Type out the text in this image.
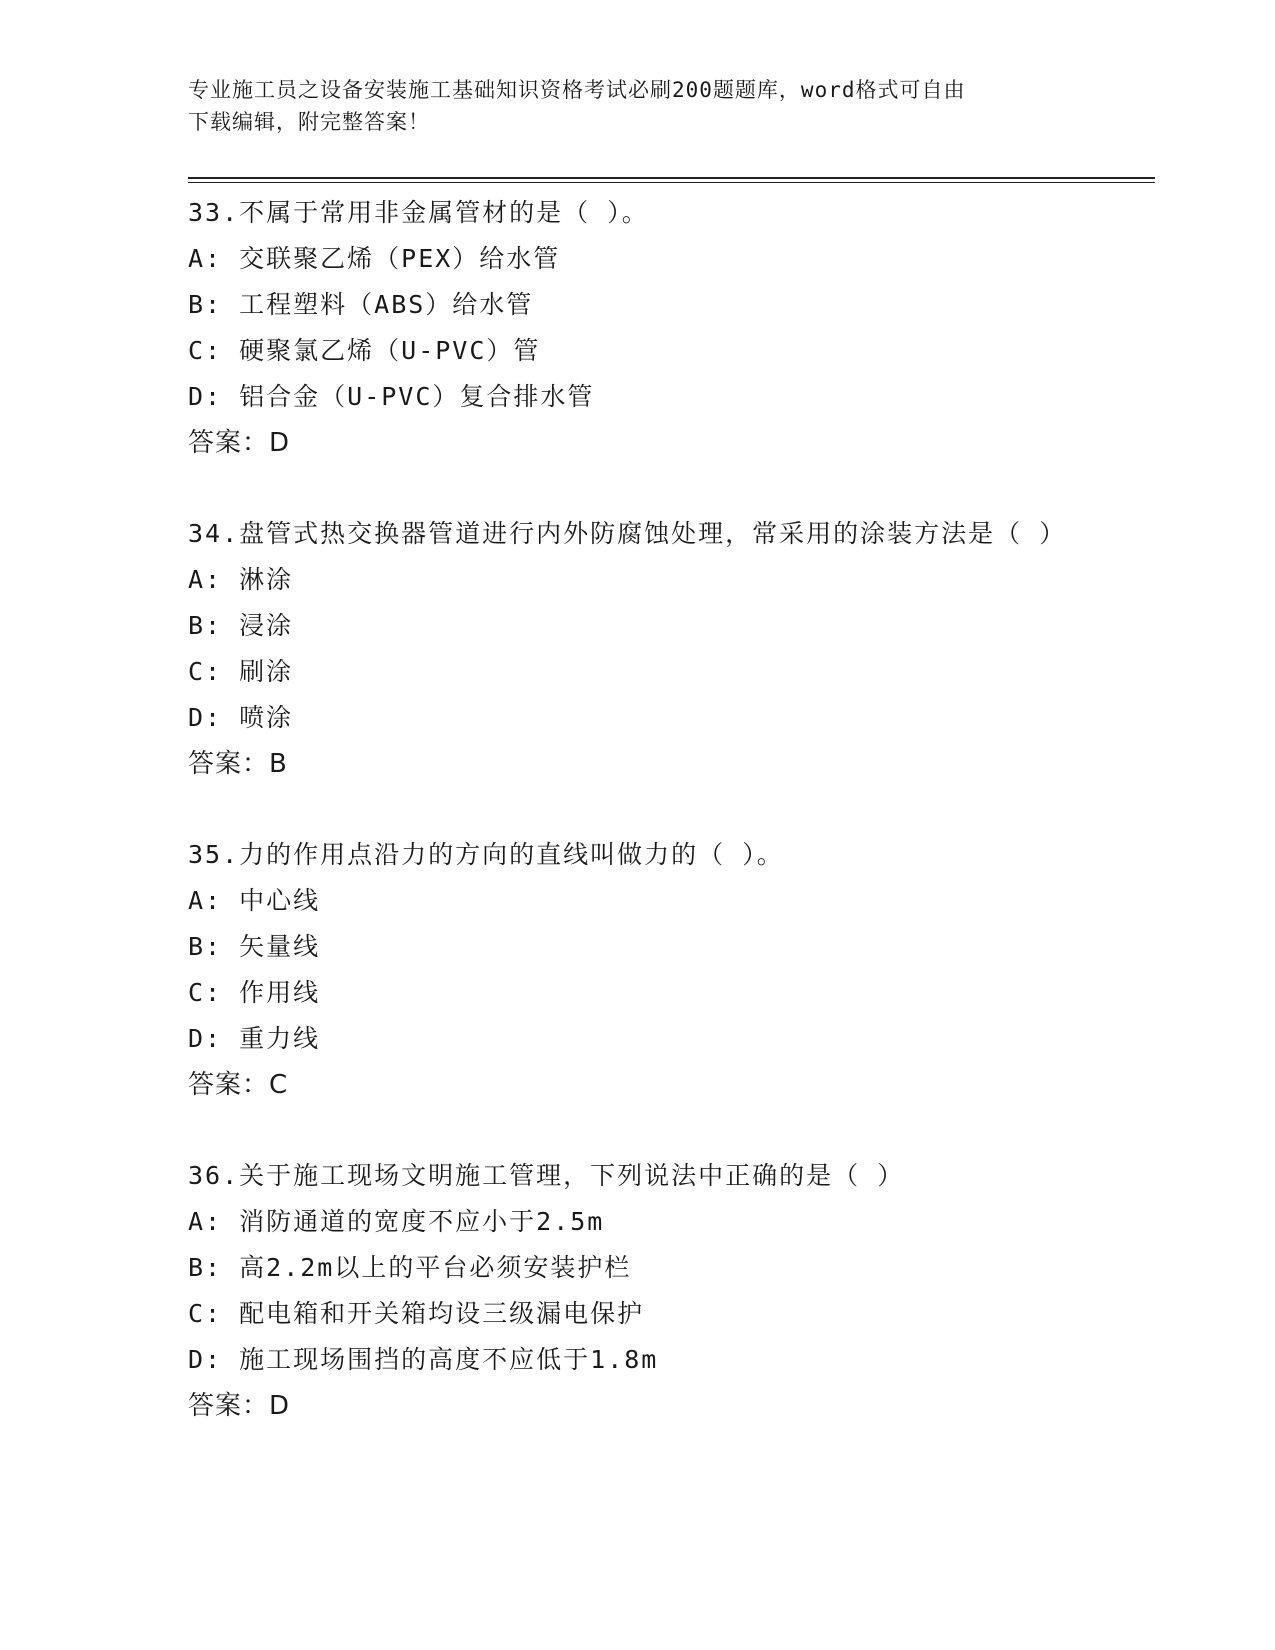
专业施工员之设备安装施工基础知识资格考试必刷200题题库，word格式可自由
下载编辑，附完整答案！
33.不属于常用非金属管材的是（ ）。
A: 交联聚乙烯（PEX）给水管
B: 工程塑料（ABS）给水管
C: 硬聚氯乙烯（U-PVC）管
D: 铝合金（U-PVC）复合排水管
答案：D
34.盘管式热交换器管道进行内外防腐蚀处理，常采用的涂装方法是（ ）
A: 淋涂
B: 浸涂
C: 刷涂
D: 喷涂
答案：B
35.力的作用点沿力的方向的直线叫做力的（ ）。
A: 中心线
B: 矢量线
C: 作用线
D: 重力线
答案：C
36.关于施工现场文明施工管理，下列说法中正确的是（ ）
A: 消防通道的宽度不应小于2.5m
B: 高2.2m以上的平台必须安装护栏
C: 配电箱和开关箱均设三级漏电保护
D: 施工现场围挡的高度不应低于1.8m
答案：D
